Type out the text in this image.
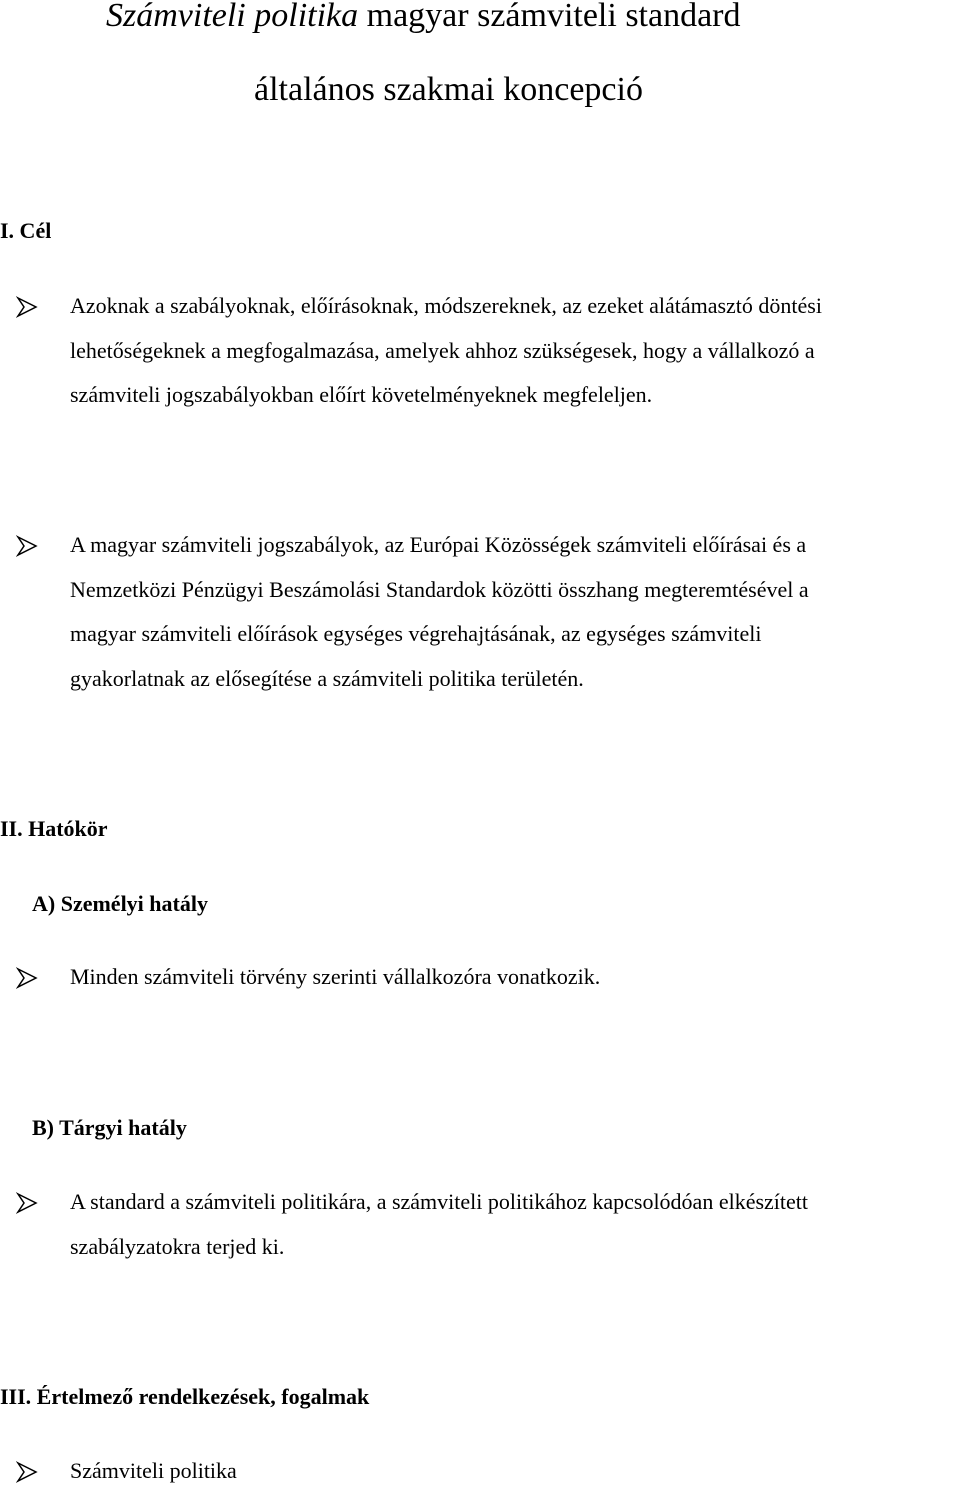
Számviteli politika magyar számviteli standard
általános szakmai koncepció
I. Cél
Azoknak a szabályoknak, előírásoknak, módszereknek, az ezeket alátámasztó döntési
lehetőségeknek a megfogalmazása, amelyek ahhoz szükségesek, hogy a vállalkozó a
számviteli jogszabályokban előírt követelményeknek megfeleljen.
A magyar számviteli jogszabályok, az Európai Közösségek számviteli előírásai és a
Nemzetközi Pénzügyi Beszámolási Standardok közötti összhang megteremtésével a
magyar számviteli előírások egységes végrehajtásának, az egységes számviteli
gyakorlatnak az elősegítése a számviteli politika területén.
II. Hatókör
A) Személyi hatály
Minden számviteli törvény szerinti vállalkozóra vonatkozik.
B) Tárgyi hatály
A standard a számviteli politikára, a számviteli politikához kapcsolódóan elkészített
szabályzatokra terjed ki.
III. Értelmező rendelkezések, fogalmak
Számviteli politika
